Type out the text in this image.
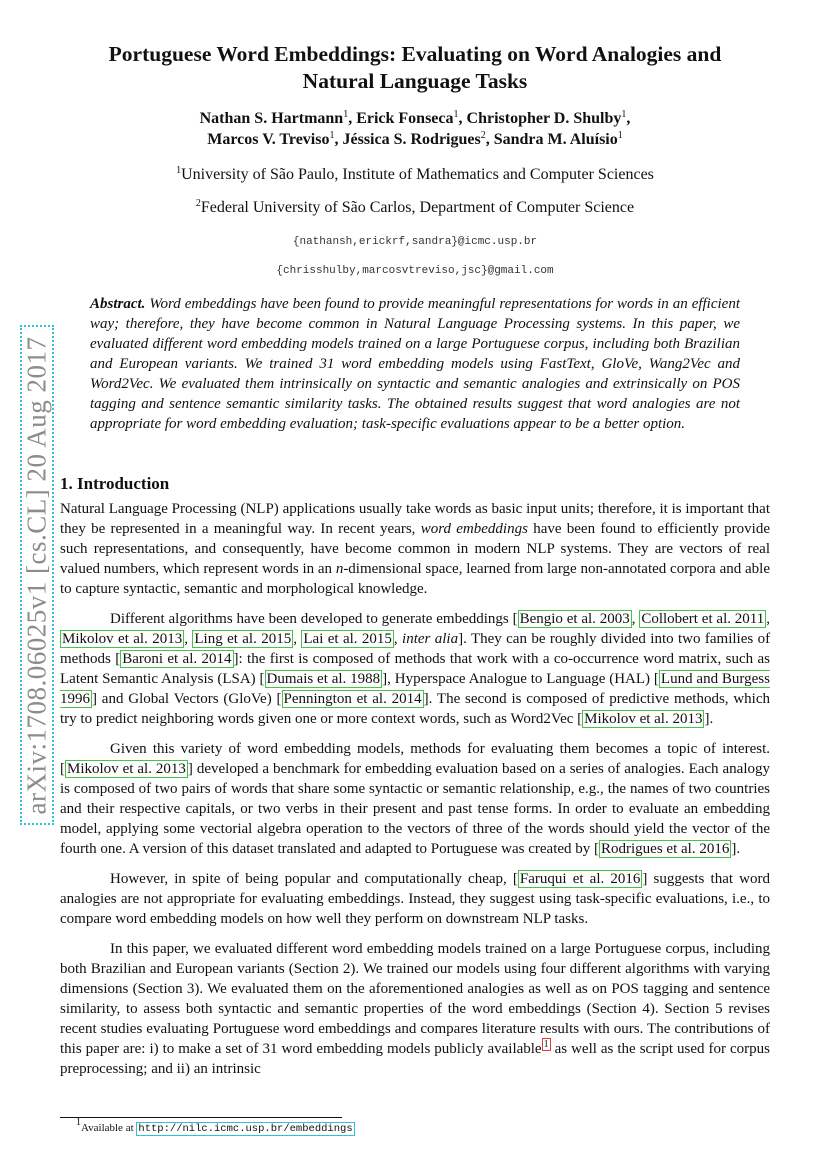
arXiv:1708.06025v1 [cs.CL] 20 Aug 2017
Portuguese Word Embeddings: Evaluating on Word Analogies and
Natural Language Tasks
Nathan S. Hartmann$^1$, Erick Fonseca$^1$, Christopher D. Shulby$^1$,
Marcos V. Treviso$^1$, Jéssica S. Rodrigues$^2$, Sandra M. Aluísio$^1$
$^1$University of São Paulo, Institute of Mathematics and Computer Sciences
$^2$Federal University of São Carlos, Department of Computer Science
{nathansh,erickrf,sandra}@icmc.usp.br
{chrisshulby,marcosvtreviso,jsc}@gmail.com
Abstract. Word embeddings have been found to provide meaningful representations for words in an efficient way; therefore, they have become common in Natural Language Processing systems. In this paper, we evaluated different word embedding models trained on a large Portuguese corpus, including both Brazilian and European variants. We trained 31 word embedding models using FastText, GloVe, Wang2Vec and Word2Vec. We evaluated them intrinsically on syntactic and semantic analogies and extrinsically on POS tagging and sentence semantic similarity tasks. The obtained results suggest that word analogies are not appropriate for word embedding evaluation; task-specific evaluations appear to be a better option.
1. Introduction

Natural Language Processing (NLP) applications usually take words as basic input units; therefore, it is important that they be represented in a meaningful way. In recent years, word embeddings have been found to efficiently provide such representations, and consequently, have become common in modern NLP systems. They are vectors of real valued numbers, which represent words in an n-dimensional space, learned from large non-annotated corpora and able to capture syntactic, semantic and morphological knowledge.

Different algorithms have been developed to generate embeddings [ Bengio et al. 2003 , Collobert et al. 2011 , Mikolov et al. 2013 , Ling et al. 2015 , Lai et al. 2015 , inter alia]. They can be roughly divided into two families of methods [ Baroni et al. 2014 ]: the first is composed of methods that work with a co-occurrence word matrix, such as Latent Semantic Analysis (LSA) [ Dumais et al. 1988 ], Hyperspace Analogue to Language (HAL) [ Lund and Burgess 1996 ] and Global Vectors (GloVe) [ Pennington et al. 2014 ]. The second is composed of predictive methods, which try to predict neighboring words given one or more context words, such as Word2Vec [ Mikolov et al. 2013 ].

Given this variety of word embedding models, methods for evaluating them becomes a topic of interest. [ Mikolov et al. 2013 ] developed a benchmark for embedding evaluation based on a series of analogies. Each analogy is composed of two pairs of words that share some syntactic or semantic relationship, e.g., the names of two countries and their respective capitals, or two verbs in their present and past tense forms. In order to evaluate an embedding model, applying some vectorial algebra operation to the vectors of three of the words should yield the vector of the fourth one. A version of this dataset translated and adapted to Portuguese was created by [ Rodrigues et al. 2016 ].

However, in spite of being popular and computationally cheap, [ Faruqui et al. 2016 ] suggests that word analogies are not appropriate for evaluating embeddings. Instead, they suggest using task-specific evaluations, i.e., to compare word embedding models on how well they perform on downstream NLP tasks.

In this paper, we evaluated different word embedding models trained on a large Portuguese corpus, including both Brazilian and European variants (Section 2). We trained our models using four different algorithms with varying dimensions (Section 3). We evaluated them on the aforementioned analogies as well as on POS tagging and sentence similarity, to assess both syntactic and semantic properties of the word embeddings (Section 4). Section 5 revises recent studies evaluating Portuguese word embeddings and compares literature results with ours. The contributions of this paper are: i) to make a set of 31 word embedding models publicly available $^1$ as well as the script used for corpus preprocessing; and ii) an intrinsic

$^1$Available at http://nilc.icmc.usp.br/embeddings
